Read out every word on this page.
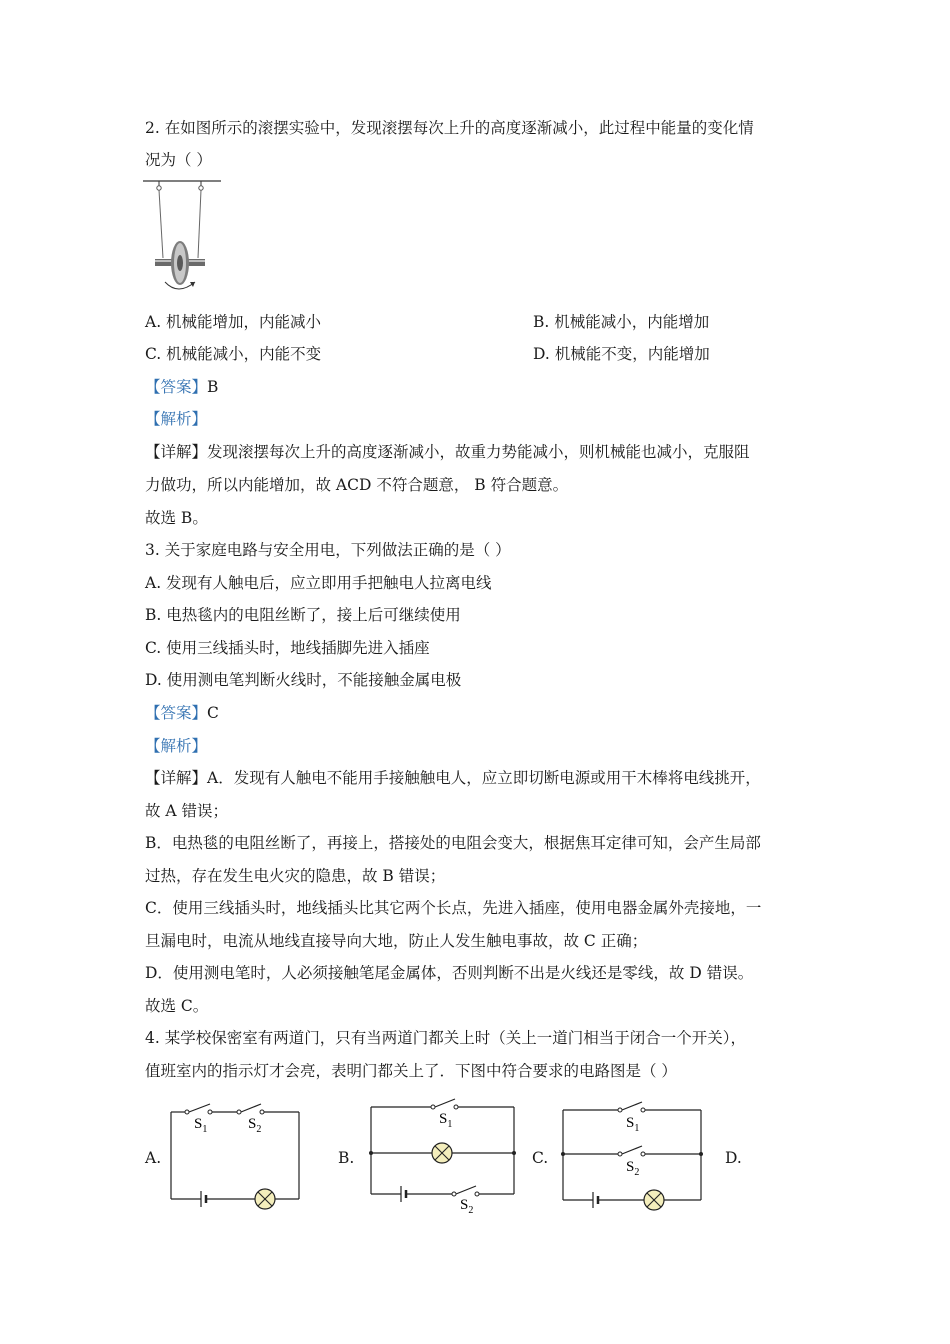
2. 在如图所示的滚摆实验中，发现滚摆每次上升的高度逐渐减小，此过程中能量的变化情
况为（ ）
A. 机械能增加，内能减小	B. 机械能减小，内能增加
C. 机械能减小，内能不变	D. 机械能不变，内能增加
【答案】B
【解析】
【详解】发现滚摆每次上升的高度逐渐减小，故重力势能减小，则机械能也减小，克服阻
力做功，所以内能增加，故 ACD 不符合题意， B 符合题意。
故选 B。
3. 关于家庭电路与安全用电，下列做法正确的是（ ）
A. 发现有人触电后，应立即用手把触电人拉离电线
B. 电热毯内的电阻丝断了，接上后可继续使用
C. 使用三线插头时，地线插脚先进入插座
D. 使用测电笔判断火线时，不能接触金属电极
【答案】C
【解析】
【详解】A．发现有人触电不能用手接触触电人，应立即切断电源或用干木棒将电线挑开，
故 A 错误；
B．电热毯的电阻丝断了，再接上，搭接处的电阻会变大，根据焦耳定律可知，会产生局部
过热，存在发生电火灾的隐患，故 B 错误；
C．使用三线插头时，地线插头比其它两个长点，先进入插座，使用电器金属外壳接地，一
旦漏电时，电流从地线直接导向大地，防止人发生触电事故，故 C 正确；
D．使用测电笔时，人必须接触笔尾金属体，否则判断不出是火线还是零线，故 D 错误。
故选 C。
4. 某学校保密室有两道门，只有当两道门都关上时（关上一道门相当于闭合一个开关），
值班室内的指示灯才会亮，表明门都关上了．下图中符合要求的电路图是（ ）
A.	B.	C.	D.
$S_1$	$S_2$
$S_1$
$S_2$
$S_1$
$S_2$
